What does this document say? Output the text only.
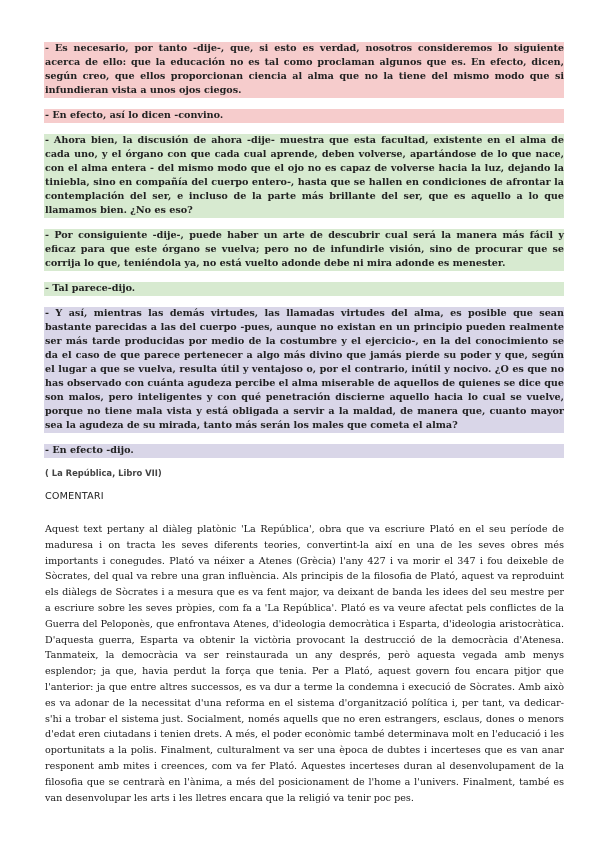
- Es necesario, por tanto -dije-, que, si esto es verdad, nosotros consideremos lo siguiente acerca de ello: que la educación no es tal como proclaman algunos que es. En efecto, dicen, según creo, que ellos proporcionan ciencia al alma que no la tiene del mismo modo que si infundieran vista a unos ojos ciegos.
- En efecto, así lo dicen -convino.
- Ahora bien, la discusión de ahora -dije- muestra que esta facultad, existente en el alma de cada uno, y el órgano con que cada cual aprende, deben volverse, apartándose de lo que nace, con el alma entera - del mismo modo que el ojo no es capaz de volverse hacia la luz, dejando la tiniebla, sino en compañía del cuerpo entero-, hasta que se hallen en condiciones de afrontar la contemplación del ser, e incluso de la parte más brillante del ser, que es aquello a lo que llamamos bien. ¿No es eso?
- Por consiguiente -dije-, puede haber un arte de descubrir cual será la manera más fácil y eficaz para que este órgano se vuelva; pero no de infundirle visión, sino de procurar que se corrija lo que, teniéndola ya, no está vuelto adonde debe ni mira adonde es menester.
- Tal parece-dijo.
- Y así, mientras las demás virtudes, las llamadas virtudes del alma, es posible que sean bastante parecidas a las del cuerpo -pues, aunque no existan en un principio pueden realmente ser más tarde producidas por medio de la costumbre y el ejercicio-, en la del conocimiento se da el caso de que parece pertenecer a algo más divino que jamás pierde su poder y que, según el lugar a que se vuelva, resulta útil y ventajoso o, por el contrario, inútil y nocivo. ¿O es que no has observado con cuánta agudeza percibe el alma miserable de aquellos de quienes se dice que son malos, pero inteligentes y con qué penetración discierne aquello hacia lo cual se vuelve, porque no tiene mala vista y está obligada a servir a la maldad, de manera que, cuanto mayor sea la agudeza de su mirada, tanto más serán los males que cometa el alma?
- En efecto -dijo.
( La República, Libro VII)
COMENTARI

Aquest text pertany al diàleg platònic 'La República', obra que va escriure Plató en el seu període de maduresa i on tracta les seves diferents teories, convertint-la així en una de les seves obres més importants i conegudes. Plató va néixer a Atenes (Grècia) l'any 427 i va morir el 347 i fou deixeble de Sòcrates, del qual va rebre una gran influència. Als principis de la filosofia de Plató, aquest va reproduint els diàlegs de Sòcrates i a mesura que es va fent major, va deixant de banda les idees del seu mestre per a escriure sobre les seves pròpies, com fa a 'La República'. Plató es va veure afectat pels conflictes de la Guerra del Peloponès, que enfrontava Atenes, d'ideologia democràtica i Esparta, d'ideologia aristocràtica. D'aquesta guerra, Esparta va obtenir la victòria provocant la destrucció de la democràcia d'Atenesa. Tanmateix, la democràcia va ser reinstaurada un any després, però aquesta vegada amb menys esplendor; ja que, havia perdut la força que tenia. Per a Plató, aquest govern fou encara pitjor que l'anterior: ja que entre altres successos, es va dur a terme la condemna i execució de Sòcrates. Amb això es va adonar de la necessitat d'una reforma en el sistema d'organització política i, per tant, va dedicar-s'hi a trobar el sistema just. Socialment, només aquells que no eren estrangers, esclaus, dones o menors d'edat eren ciutadans i tenien drets. A més, el poder econòmic també determinava molt en l'educació i les oportunitats a la polis. Finalment, culturalment va ser una època de dubtes i incerteses que es van anar responent amb mites i creences, com va fer Plató. Aquestes incerteses duran al desenvolupament de la filosofia que se centrarà en l'ànima, a més del posicionament de l'home a l'univers. Finalment, també es van desenvolupar les arts i les lletres encara que la religió va tenir poc pes.
